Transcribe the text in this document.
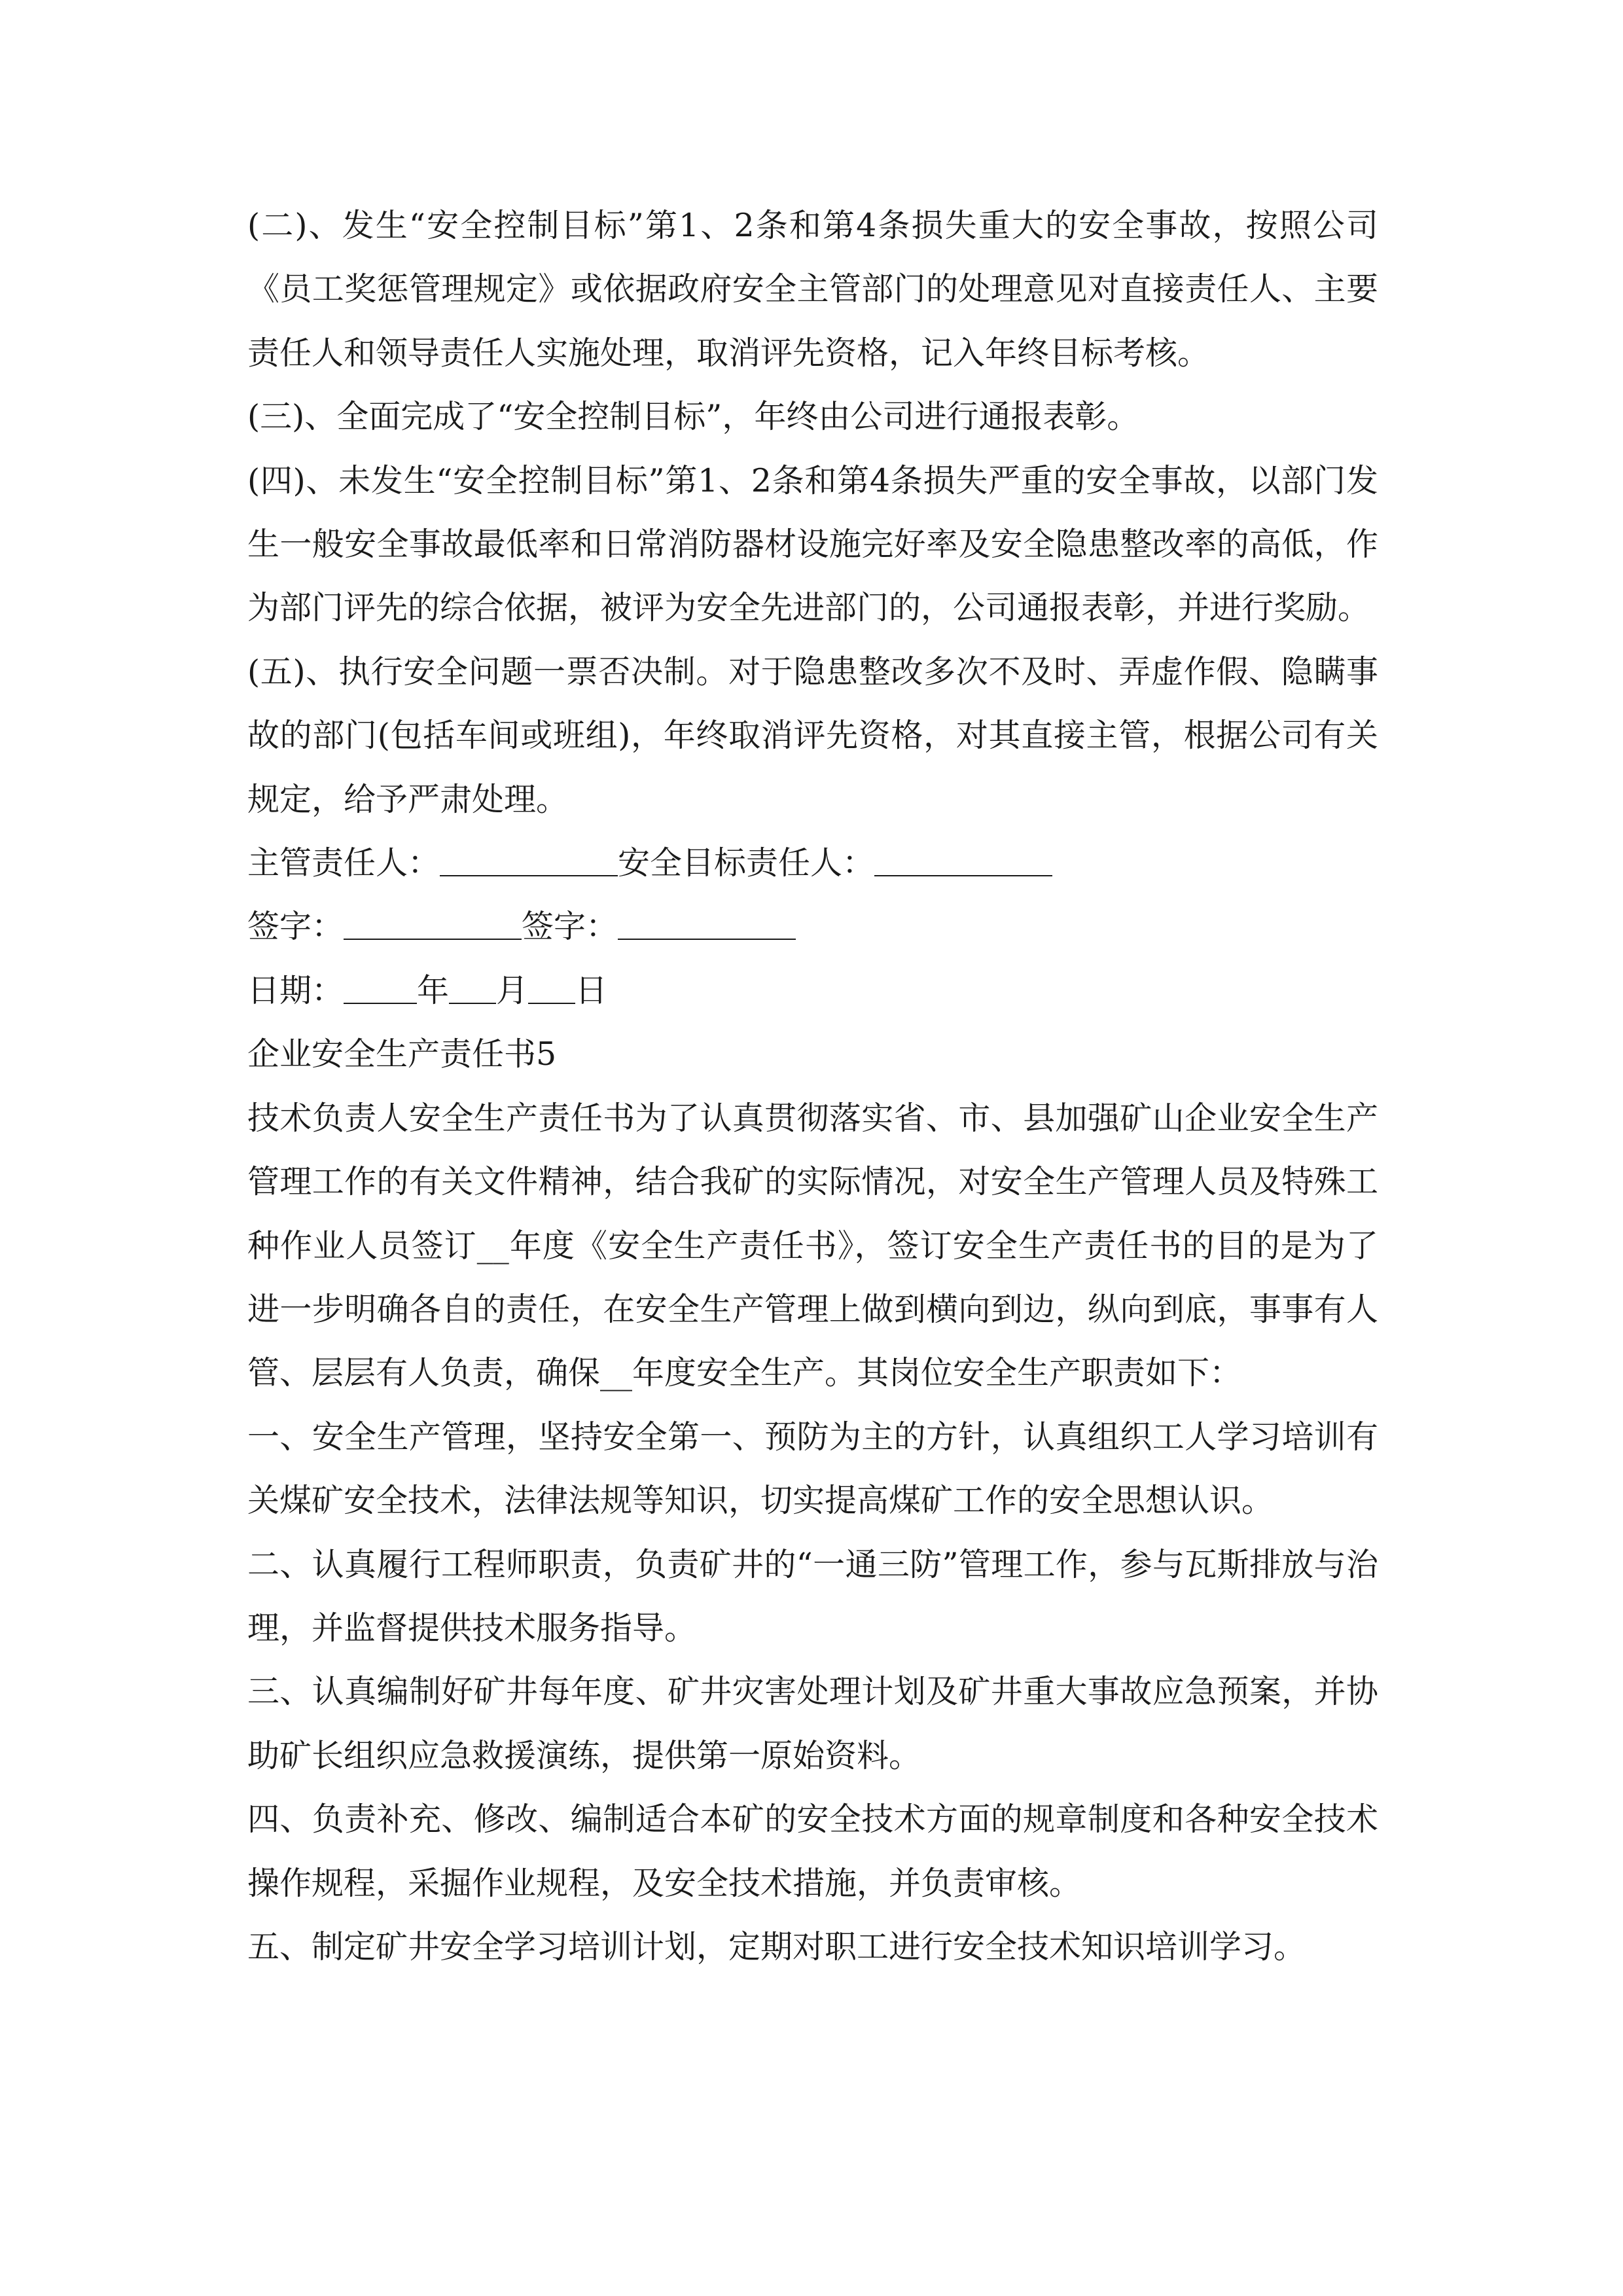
(二)、发生“安全控制目标”第1、2条和第4条损失重大的安全事故，按照公司《员工奖惩管理规定》或依据政府安全主管部门的处理意见对直接责任人、主要责任人和领导责任人实施处理，取消评先资格，记入年终目标考核。

(三)、全面完成了“安全控制目标”，年终由公司进行通报表彰。

(四)、未发生“安全控制目标”第1、2条和第4条损失严重的安全事故，以部门发生一般安全事故最低率和日常消防器材设施完好率及安全隐患整改率的高低，作为部门评先的综合依据，被评为安全先进部门的，公司通报表彰，并进行奖励。

(五)、执行安全问题一票否决制。对于隐患整改多次不及时、弄虚作假、隐瞒事故的部门(包括车间或班组)，年终取消评先资格，对其直接主管，根据公司有关规定，给予严肃处理。

主管责任人：	安全目标责任人：
签字：	签字：
日期： 年 月 日
企业安全生产责任书5

技术负责人安全生产责任书为了认真贯彻落实省、市、县加强矿山企业安全生产管理工作的有关文件精神，结合我矿的实际情况，对安全生产管理人员及特殊工种作业人员签订__年度《安全生产责任书》，签订安全生产责任书的目的是为了进一步明确各自的责任，在安全生产管理上做到横向到边，纵向到底，事事有人管、层层有人负责，确保__年度安全生产。其岗位安全生产职责如下：

一、安全生产管理，坚持安全第一、预防为主的方针，认真组织工人学习培训有关煤矿安全技术，法律法规等知识，切实提高煤矿工作的安全思想认识。

二、认真履行工程师职责，负责矿井的“一通三防”管理工作，参与瓦斯排放与治理，并监督提供技术服务指导。

三、认真编制好矿井每年度、矿井灾害处理计划及矿井重大事故应急预案，并协助矿长组织应急救援演练，提供第一原始资料。

四、负责补充、修改、编制适合本矿的安全技术方面的规章制度和各种安全技术操作规程，采掘作业规程，及安全技术措施，并负责审核。

五、制定矿井安全学习培训计划，定期对职工进行安全技术知识培训学习。
